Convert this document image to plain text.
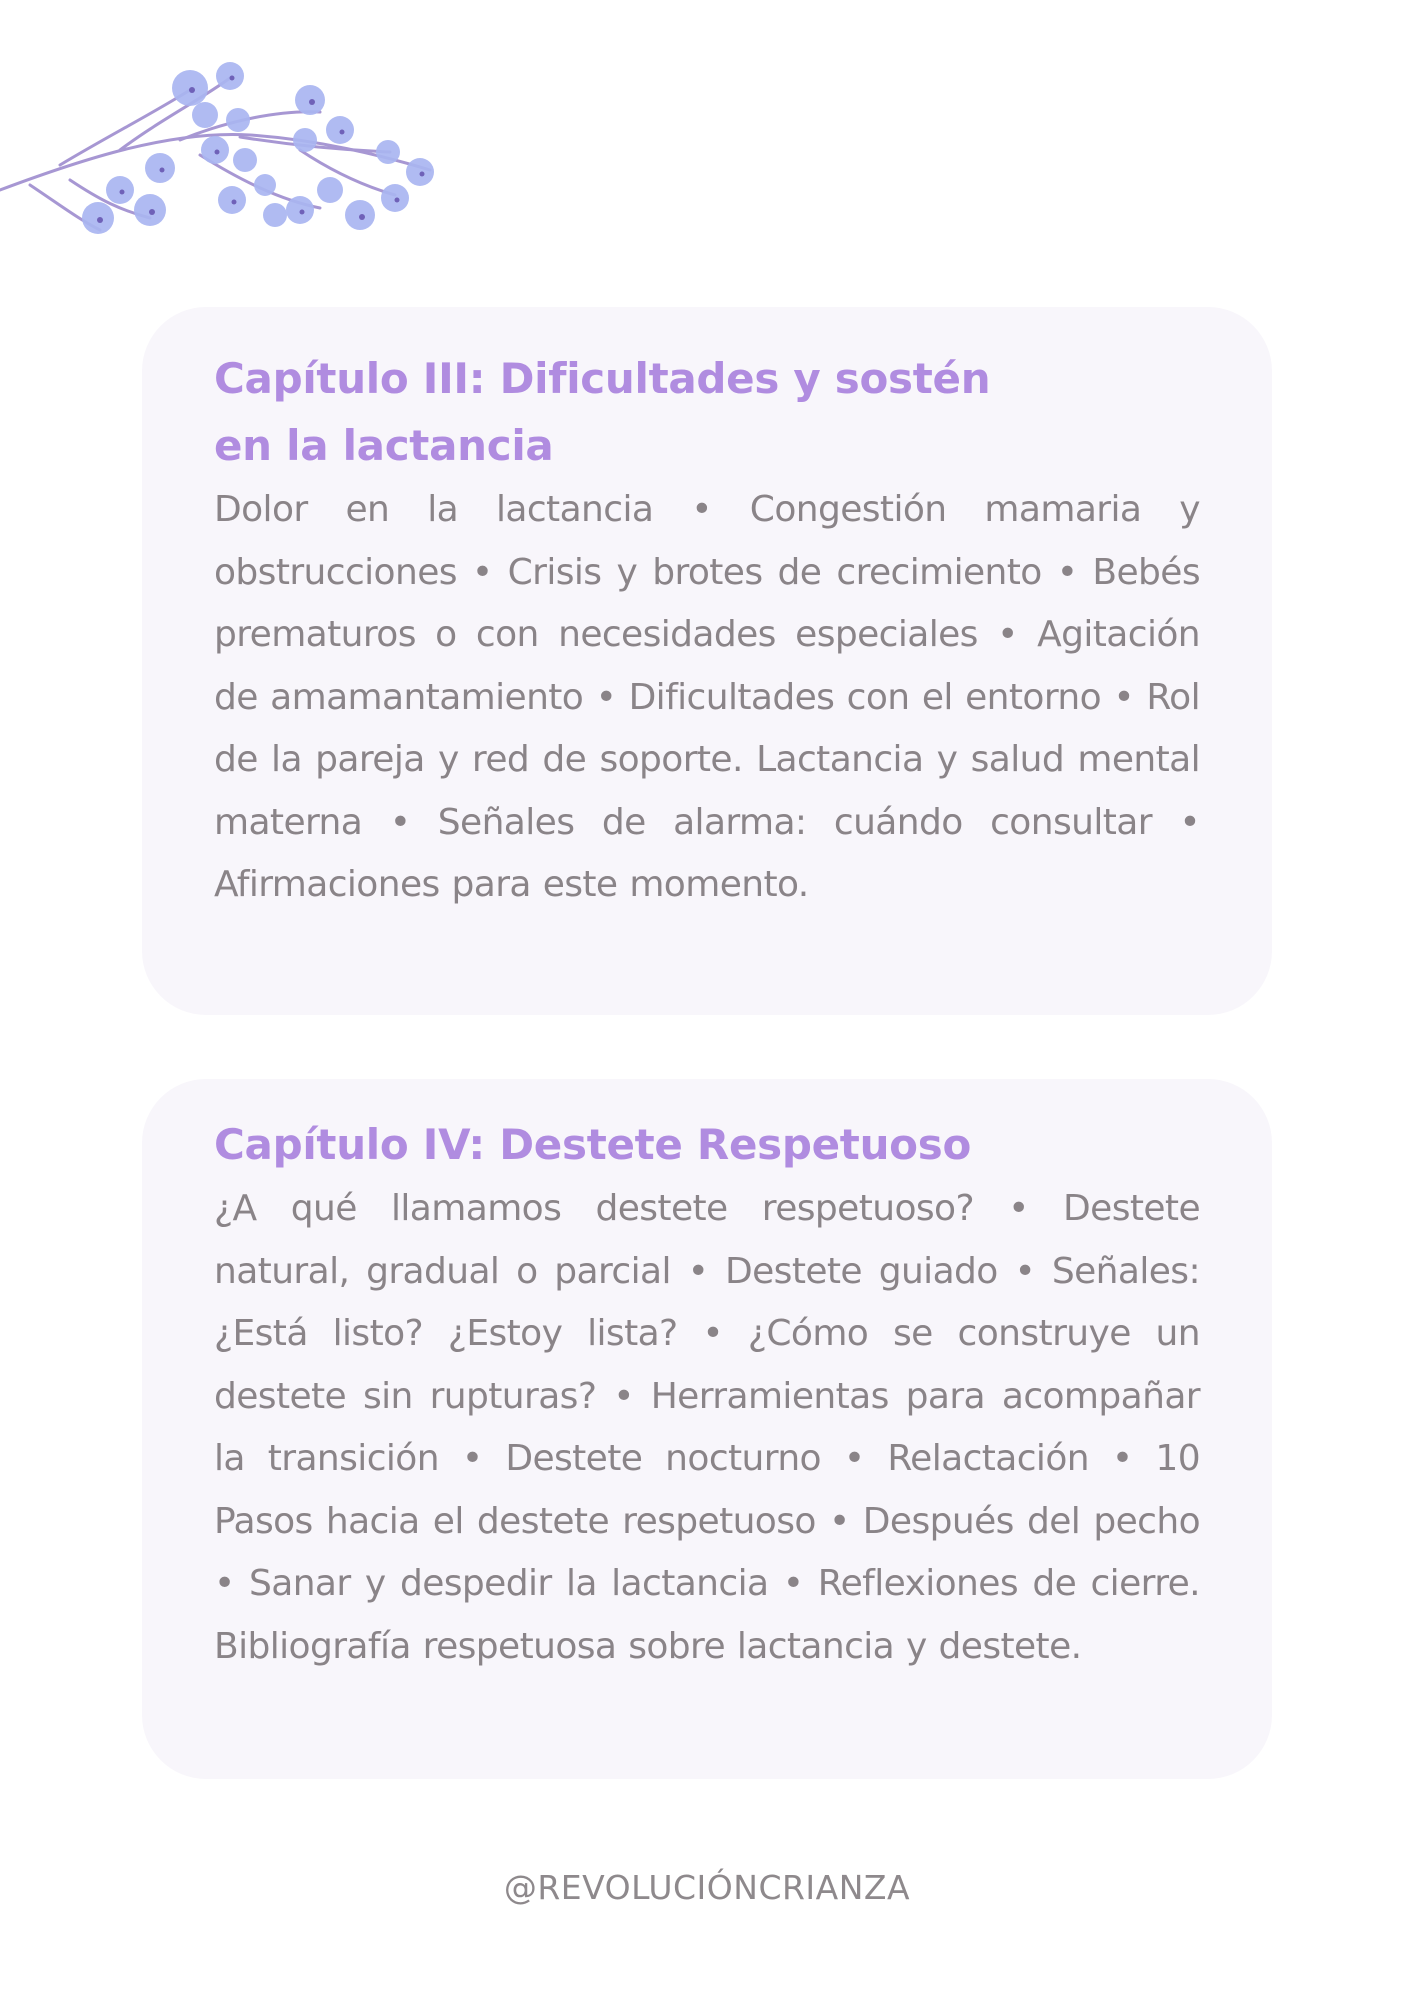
Capítulo III: Dificultades y sostén
en la lactancia

Dolor en la lactancia • Congestión mamaria y obstrucciones • Crisis y brotes de crecimiento • Bebés prematuros o con necesidades especiales • Agitación de amamantamiento • Dificultades con el entorno • Rol de la pareja y red de soporte. Lactancia y salud mental materna • Señales de alarma: cuándo consultar • Afirmaciones para este momento.

Capítulo IV: Destete Respetuoso

¿A qué llamamos destete respetuoso? • Destete natural, gradual o parcial • Destete guiado • Señales: ¿Está listo? ¿Estoy lista? • ¿Cómo se construye un destete sin rupturas? • Herramientas para acompañar la transición • Destete nocturno • Relactación • 10 Pasos hacia el destete respetuoso • Después del pecho • Sanar y despedir la lactancia • Reflexiones de cierre. Bibliografía respetuosa sobre lactancia y destete.

@REVOLUCIÓNCRIANZA
